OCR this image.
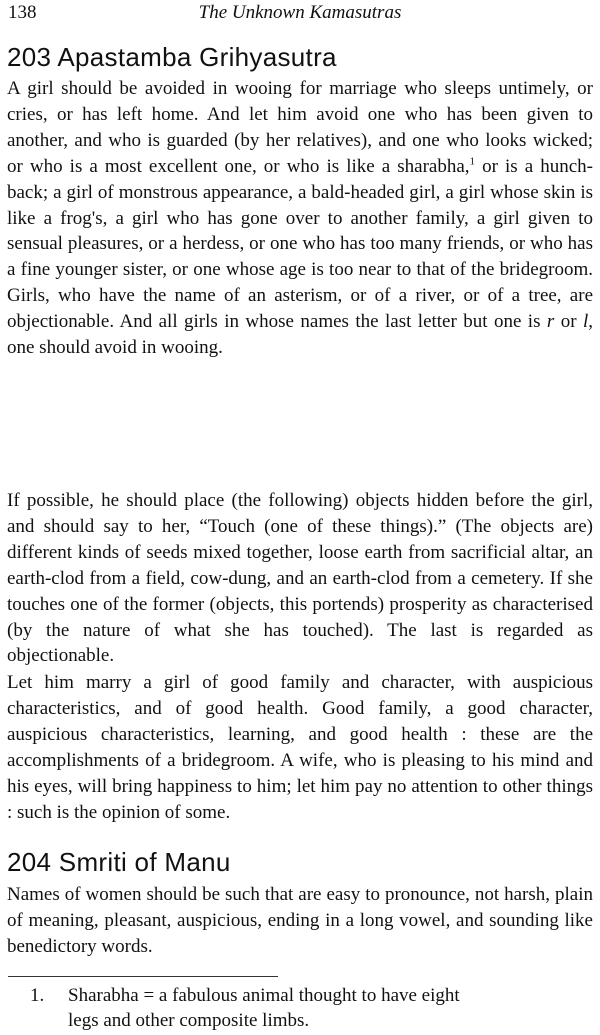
138	The Unknown Kamasutras
203 Apastamba Grihyasutra

A girl should be avoided in wooing for marriage who sleeps untimely, or cries, or has left home. And let him avoid one who has been given to another, and who is guarded (by her relatives), and one who looks wicked; or who is a most excellent one, or who is like a sharabha,$^1$ or is a hunch-back; a girl of monstrous appearance, a bald-headed girl, a girl whose skin is like a frog's, a girl who has gone over to another family, a girl given to sensual pleasures, or a herdess, or one who has too many friends, or who has a fine younger sister, or one whose age is too near to that of the bridegroom. Girls, who have the name of an asterism, or of a river, or of a tree, are objectionable. And all girls in whose names the last letter but one is r or l, one should avoid in wooing.

If possible, he should place (the following) objects hidden before the girl, and should say to her, “Touch (one of these things).” (The objects are) different kinds of seeds mixed together, loose earth from sacrificial altar, an earth-clod from a field, cow-dung, and an earth-clod from a cemetery. If she touches one of the former (objects, this portends) prosperity as characterised (by the nature of what she has touched). The last is regarded as objectionable.

Let him marry a girl of good family and character, with auspicious characteristics, and of good health. Good family, a good character, auspicious characteristics, learning, and good health : these are the accomplishments of a bridegroom. A wife, who is pleasing to his mind and his eyes, will bring happiness to him; let him pay no attention to other things : such is the opinion of some.

204 Smriti of Manu

Names of women should be such that are easy to pronounce, not harsh, plain of meaning, pleasant, auspicious, ending in a long vowel, and sounding like benedictory words.

1. Sharabha = a fabulous animal thought to have eight
legs and other composite limbs.
